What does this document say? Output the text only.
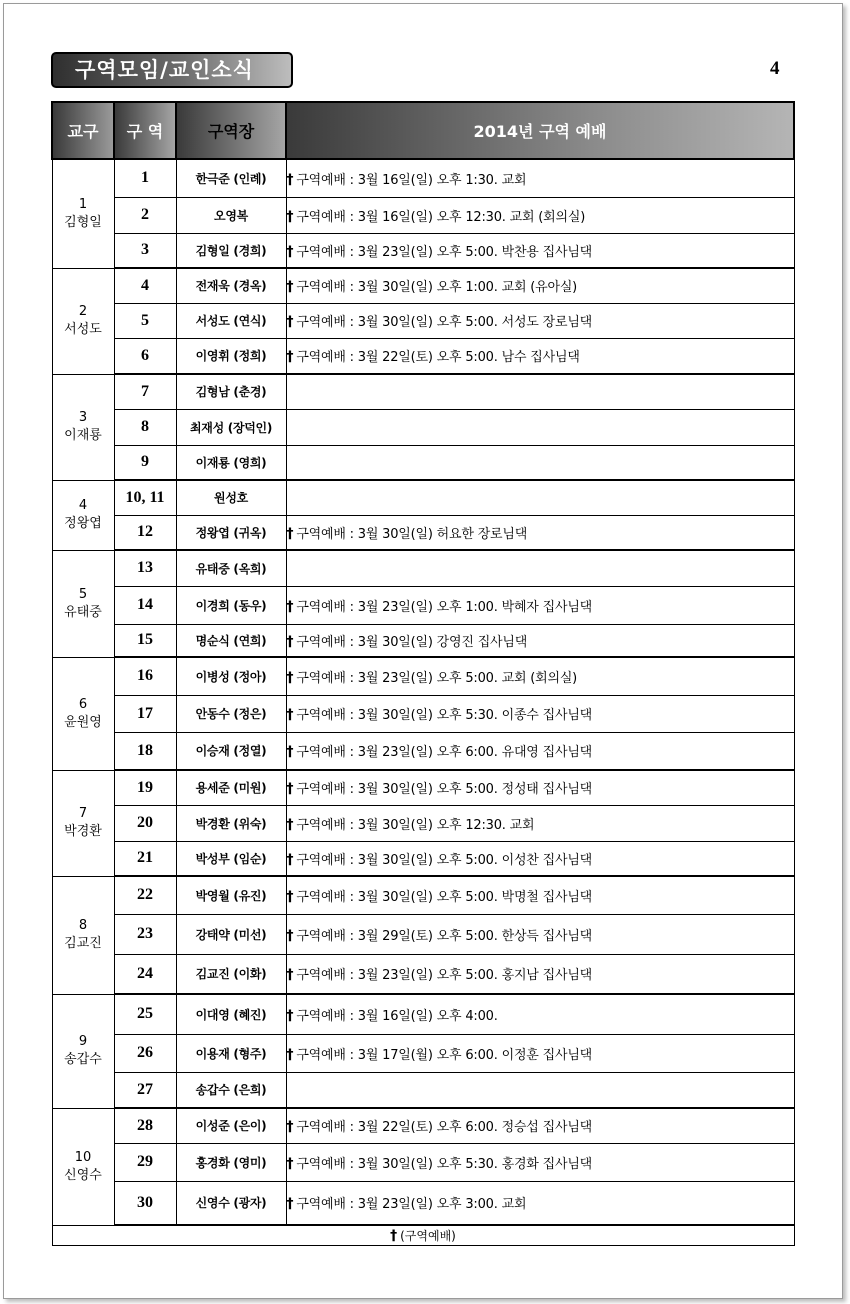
구역모임/교인소식	4
교구	구 역	구역장	2014년 구역 예배

1
김형일	1	한극준 (인례)	† 구역예배 : 3월 16일(일) 오후 1:30. 교회
	2	오영복	† 구역예배 : 3월 16일(일) 오후 12:30. 교회 (회의실)
	3	김형일 (경희)	† 구역예배 : 3월 23일(일) 오후 5:00. 박찬용 집사님댁

2
서성도	4	전재욱 (경옥)	† 구역예배 : 3월 30일(일) 오후 1:00. 교회 (유아실)
	5	서성도 (연식)	† 구역예배 : 3월 30일(일) 오후 5:00. 서성도 장로님댁
	6	이영휘 (정희)	† 구역예배 : 3월 22일(토) 오후 5:00. 남수 집사님댁

3
이재룡	7	김형남 (춘경)	
	8	최재성 (장덕인)	
	9	이재룡 (영희)	

4
정왕엽	10, 11	원성호	
	12	정왕엽 (귀옥)	† 구역예배 : 3월 30일(일) 허요한 장로님댁

5
유태중	13	유태중 (옥희)	
	14	이경희 (동우)	† 구역예배 : 3월 23일(일) 오후 1:00. 박혜자 집사님댁
	15	명순식 (연희)	† 구역예배 : 3월 30일(일) 강영진 집사님댁

6
윤원영	16	이병성 (정아)	† 구역예배 : 3월 23일(일) 오후 5:00. 교회 (회의실)
	17	안동수 (정은)	† 구역예배 : 3월 30일(일) 오후 5:30. 이종수 집사님댁
	18	이승재 (정열)	† 구역예배 : 3월 23일(일) 오후 6:00. 유대영 집사님댁

7
박경환	19	용세준 (미원)	† 구역예배 : 3월 30일(일) 오후 5:00. 정성태 집사님댁
	20	박경환 (위숙)	† 구역예배 : 3월 30일(일) 오후 12:30. 교회
	21	박성부 (임순)	† 구역예배 : 3월 30일(일) 오후 5:00. 이성찬 집사님댁

8
김교진	22	박영월 (유진)	† 구역예배 : 3월 30일(일) 오후 5:00. 박명철 집사님댁
	23	강태약 (미선)	† 구역예배 : 3월 29일(토) 오후 5:00. 한상득 집사님댁
	24	김교진 (이화)	† 구역예배 : 3월 23일(일) 오후 5:00. 홍지남 집사님댁

9
송갑수	25	이대영 (혜진)	† 구역예배 : 3월 16일(일) 오후 4:00.
	26	이용재 (형주)	† 구역예배 : 3월 17일(월) 오후 6:00. 이정훈 집사님댁
	27	송갑수 (은희)	

10
신영수	28	이성준 (은이)	† 구역예배 : 3월 22일(토) 오후 6:00. 정승섭 집사님댁
	29	홍경화 (영미)	† 구역예배 : 3월 30일(일) 오후 5:30. 홍경화 집사님댁
	30	신영수 (광자)	† 구역예배 : 3월 23일(일) 오후 3:00. 교회
† (구역예배)			
